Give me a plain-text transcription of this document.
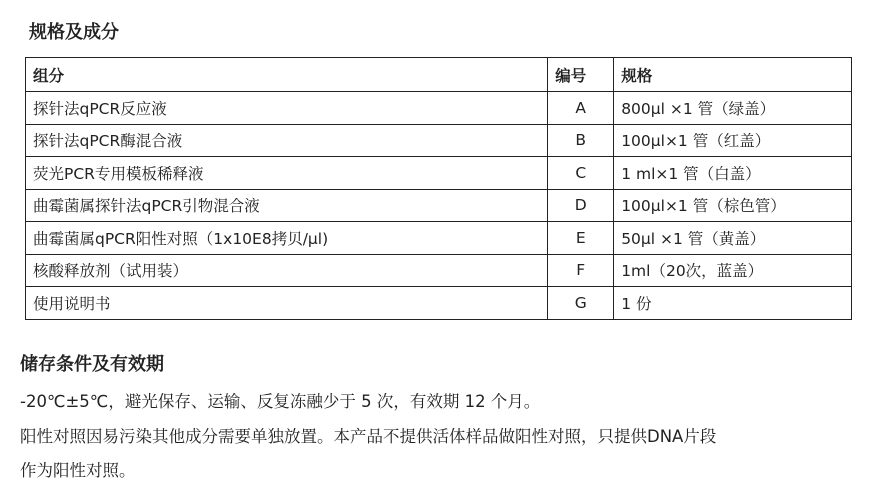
规格及成分
组分	编号	规格
探针法qPCR反应液	A	800μl ×1 管（绿盖）
探针法qPCR酶混合液	B	100μl×1 管（红盖）
荧光PCR专用模板稀释液	C	1 ml×1 管（白盖）
曲霉菌属探针法qPCR引物混合液	D	100μl×1 管（棕色管）
曲霉菌属qPCR阳性对照（1x10E8拷贝/μl)	E	50μl ×1 管（黄盖）
核酸释放剂（试用装）	F	1ml（20次，蓝盖）
使用说明书	G	1 份
储存条件及有效期

-20℃±5℃，避光保存、运输、反复冻融少于 5 次，有效期 12 个月。

阳性对照因易污染其他成分需要单独放置。本产品不提供活体样品做阳性对照，只提供DNA片段

作为阳性对照。
